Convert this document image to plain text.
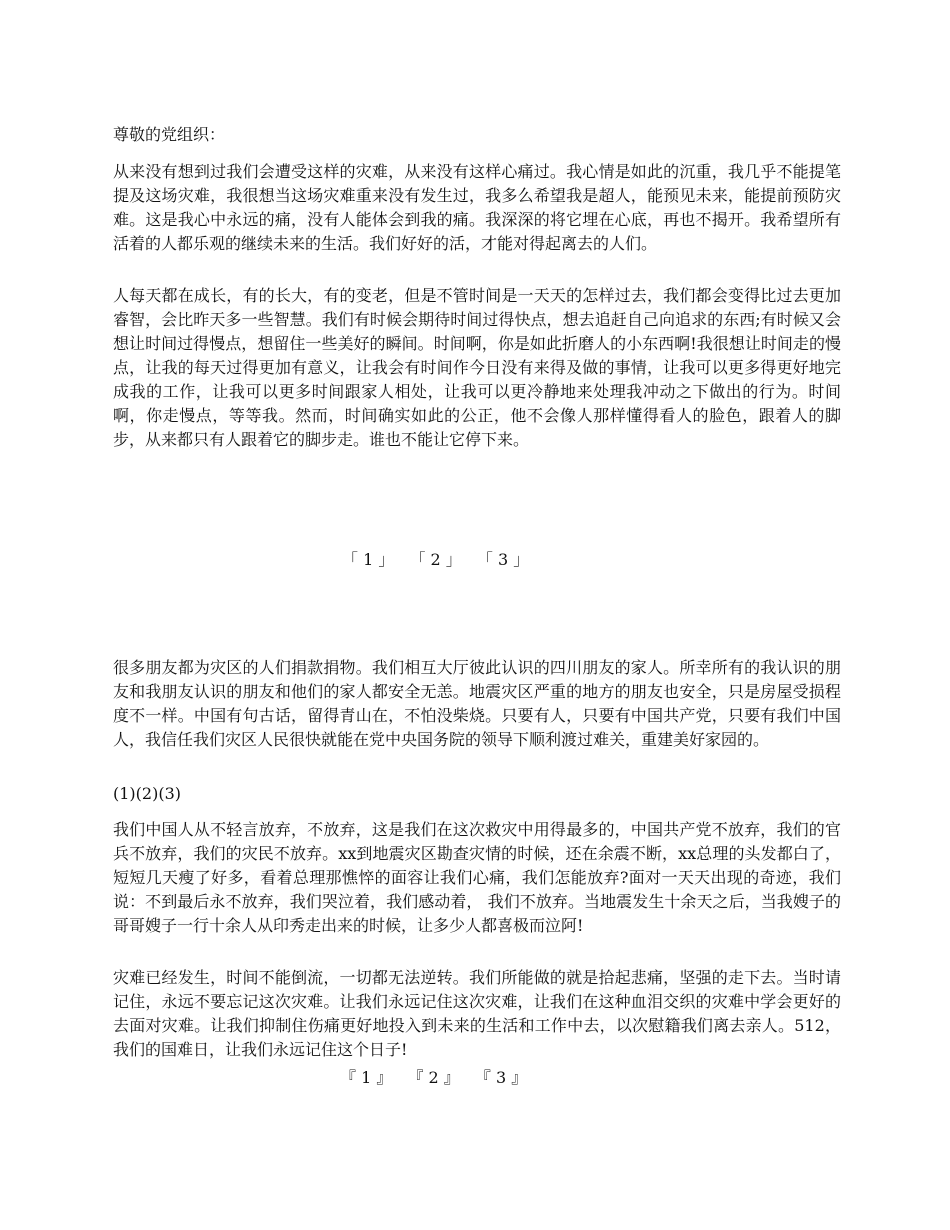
尊敬的党组织：

从来没有想到过我们会遭受这样的灾难，从来没有这样心痛过。我心情是如此的沉重，我几乎不能提笔提及这场灾难，我很想当这场灾难重来没有发生过，我多么希望我是超人，能预见未来，能提前预防灾难。这是我心中永远的痛，没有人能体会到我的痛。我深深的将它埋在心底，再也不揭开。我希望所有活着的人都乐观的继续未来的生活。我们好好的活，才能对得起离去的人们。

人每天都在成长，有的长大，有的变老，但是不管时间是一天天的怎样过去，我们都会变得比过去更加睿智，会比昨天多一些智慧。我们有时候会期待时间过得快点，想去追赶自己向追求的东西;有时候又会想让时间过得慢点，想留住一些美好的瞬间。时间啊，你是如此折磨人的小东西啊!我很想让时间走的慢点，让我的每天过得更加有意义，让我会有时间作今日没有来得及做的事情，让我可以更多得更好地完成我的工作，让我可以更多时间跟家人相处，让我可以更冷静地来处理我冲动之下做出的行为。时间啊，你走慢点，等等我。然而，时间确实如此的公正，他不会像人那样懂得看人的脸色，跟着人的脚步，从来都只有人跟着它的脚步走。谁也不能让它停下来。

「 1 」 「 2 」 「 3 」

很多朋友都为灾区的人们捐款捐物。我们相互大厅彼此认识的四川朋友的家人。所幸所有的我认识的朋友和我朋友认识的朋友和他们的家人都安全无恙。地震灾区严重的地方的朋友也安全，只是房屋受损程度不一样。中国有句古话，留得青山在，不怕没柴烧。只要有人，只要有中国共产党，只要有我们中国人，我信任我们灾区人民很快就能在党中央国务院的领导下顺利渡过难关，重建美好家园的。

(1)(2)(3)

我们中国人从不轻言放弃，不放弃，这是我们在这次救灾中用得最多的，中国共产党不放弃，我们的官兵不放弃，我们的灾民不放弃。xx到地震灾区勘查灾情的时候，还在余震不断，xx总理的头发都白了，短短几天瘦了好多，看着总理那憔悴的面容让我们心痛，我们怎能放弃?面对一天天出现的奇迹，我们说：不到最后永不放弃，我们哭泣着，我们感动着， 我们不放弃。当地震发生十余天之后，当我嫂子的哥哥嫂子一行十余人从印秀走出来的时候，让多少人都喜极而泣阿!

灾难已经发生，时间不能倒流，一切都无法逆转。我们所能做的就是拾起悲痛，坚强的走下去。当时请记住，永远不要忘记这次灾难。让我们永远记住这次灾难，让我们在这种血泪交织的灾难中学会更好的去面对灾难。让我们抑制住伤痛更好地投入到未来的生活和工作中去，以次慰籍我们离去亲人。512，我们的国难日，让我们永远记住这个日子!

『 1 』 『 2 』 『 3 』
